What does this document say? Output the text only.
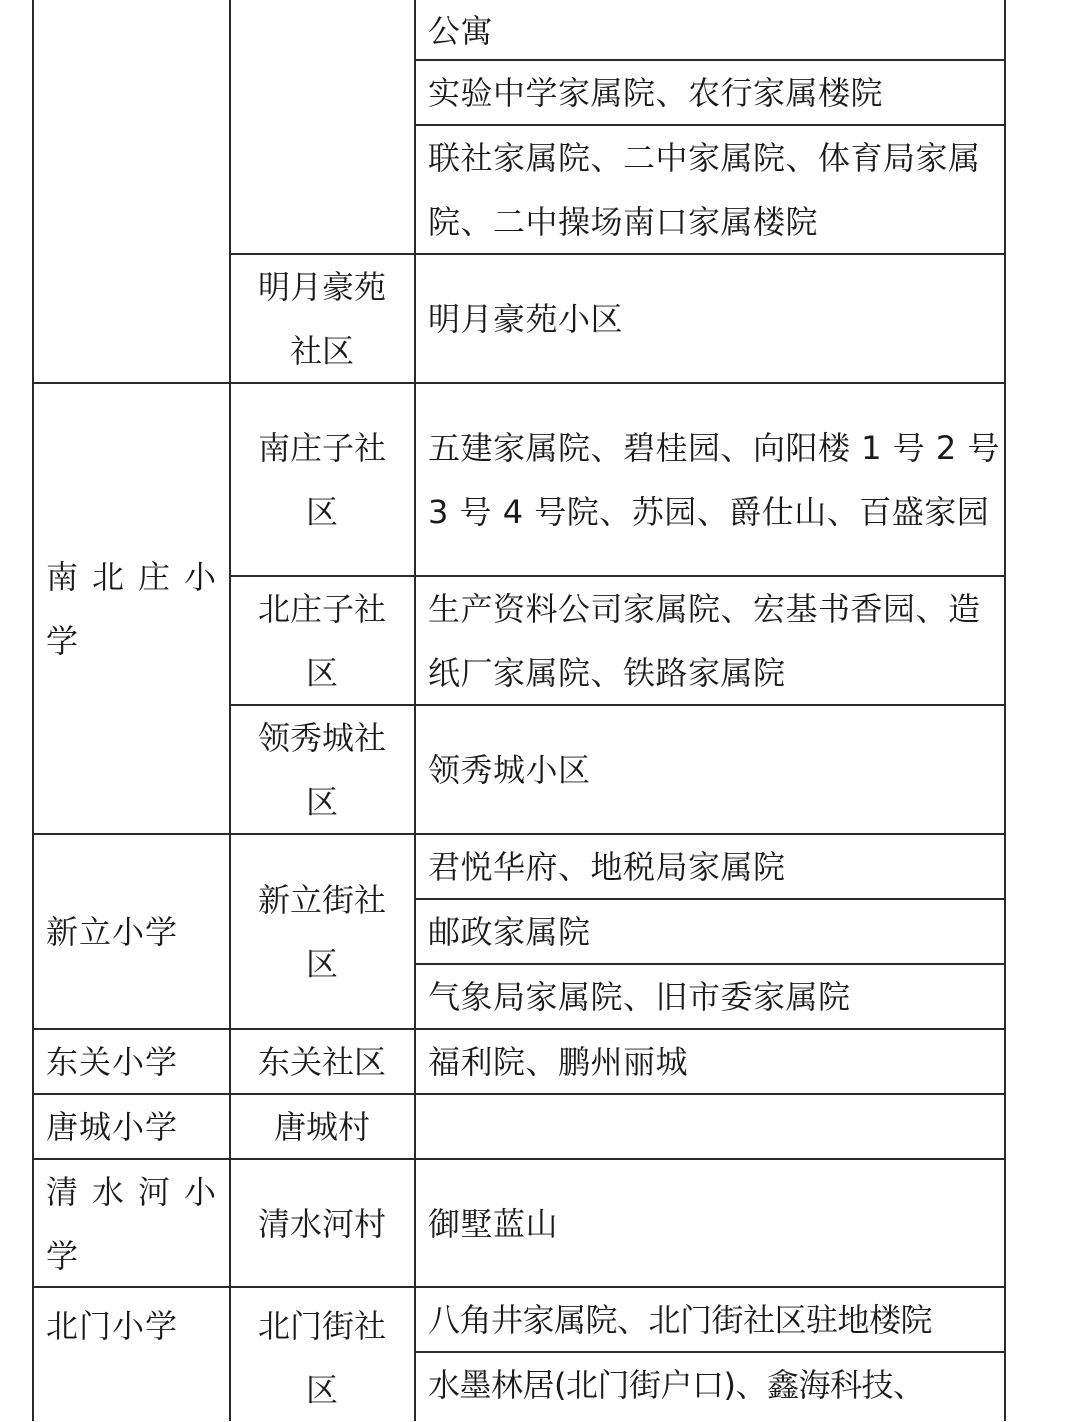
公寓
实验中学家属院、农行家属楼院
联社家属院、二中家属院、体育局家属院、二中操场南口家属楼院
明月豪苑社区
明月豪苑小区
南北庄小学
南庄子社区
五建家属院、碧桂园、向阳楼 1 号 2 号 3 号 4 号院、苏园、爵仕山、百盛家园
北庄子社区
生产资料公司家属院、宏基书香园、造纸厂家属院、铁路家属院
领秀城社区
领秀城小区
新立小学
新立街社区
君悦华府、地税局家属院
邮政家属院
气象局家属院、旧市委家属院
东关小学 东关社区 福利院、鹏州丽城
唐城小学	唐城村
清水河小学
清水河村 御墅蓝山
北门小学	北门街社区
八角井家属院、北门街社区驻地楼院
水墨林居(北门街户口)、鑫海科技、
